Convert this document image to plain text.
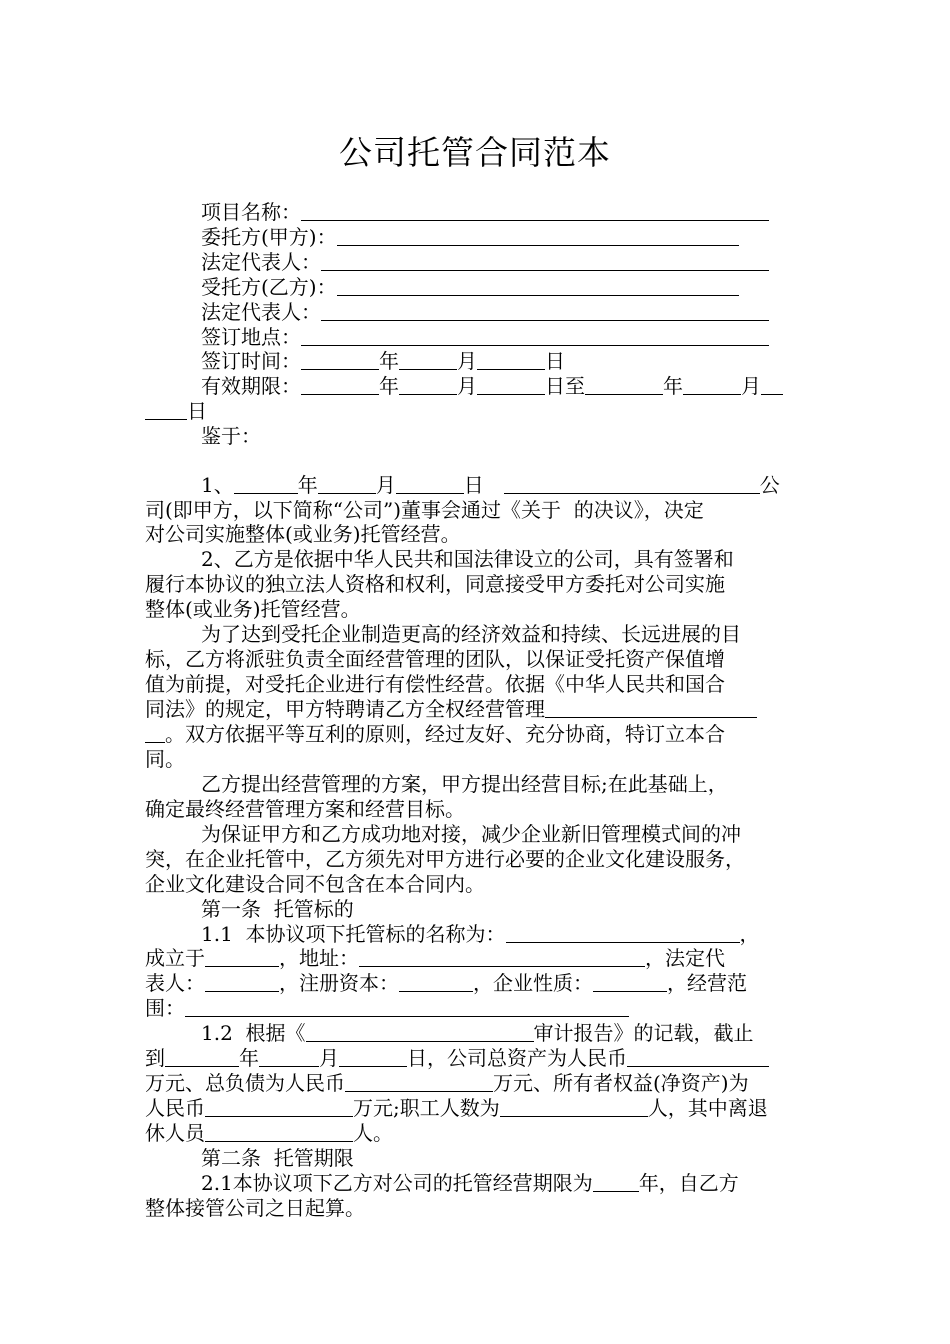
公司托管合同范本
项目名称：
委托方(甲方)：
法定代表人：
受托方(乙方)：
法定代表人：
签订地点：
签订时间：	年	月	日
有效期限：	年	月	日至	年	月
日
鉴于：
1、	年	月	日	公
司(即甲方，以下简称“公司”)董事会通过《关于  的决议》，决定
对公司实施整体(或业务)托管经营。
2、乙方是依据中华人民共和国法律设立的公司，具有签署和
履行本协议的独立法人资格和权利，同意接受甲方委托对公司实施
整体(或业务)托管经营。
为了达到受托企业制造更高的经济效益和持续、长远进展的目
标，乙方将派驻负责全面经营管理的团队，以保证受托资产保值增
值为前提，对受托企业进行有偿性经营。依据《中华人民共和国合
同法》的规定，甲方特聘请乙方全权经营管理
。双方依据平等互利的原则，经过友好、充分协商，特订立本合
同。
乙方提出经营管理的方案，甲方提出经营目标;在此基础上，
确定最终经营管理方案和经营目标。
为保证甲方和乙方成功地对接，减少企业新旧管理模式间的冲
突，在企业托管中，乙方须先对甲方进行必要的企业文化建设服务，
企业文化建设合同不包含在本合同内。
第一条  托管标的
1.1  本协议项下托管标的名称为：	，
成立于	，地址：	，法定代
表人：	，注册资本：	，企业性质：	，经营范
围：
1.2  根据《	审计报告》的记载，截止
到	年	月	日，公司总资产为人民币
万元、总负债为人民币	万元、所有者权益(净资产)为
人民币	万元;职工人数为	人，其中离退
休人员	人。
第二条  托管期限
2.1本协议项下乙方对公司的托管经营期限为 年，自乙方
整体接管公司之日起算。
